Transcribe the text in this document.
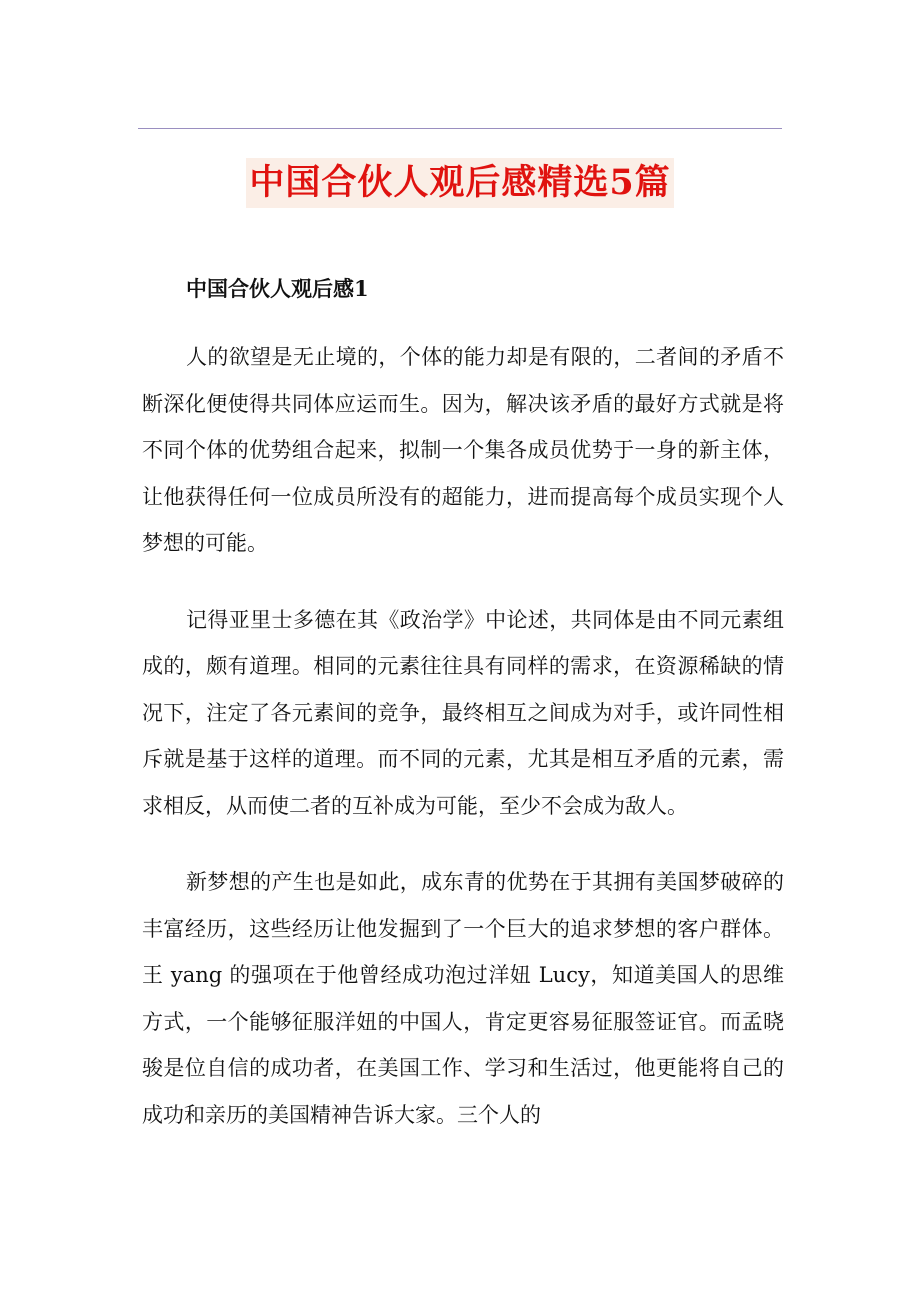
中国合伙人观后感精选5篇
中国合伙人观后感1

人的欲望是无止境的，个体的能力却是有限的，二者间的矛盾不断深化便使得共同体应运而生。因为，解决该矛盾的最好方式就是将不同个体的优势组合起来，拟制一个集各成员优势于一身的新主体，让他获得任何一位成员所没有的超能力，进而提高每个成员实现个人梦想的可能。

记得亚里士多德在其《政治学》中论述，共同体是由不同元素组成的，颇有道理。相同的元素往往具有同样的需求，在资源稀缺的情况下，注定了各元素间的竞争，最终相互之间成为对手，或许同性相斥就是基于这样的道理。而不同的元素，尤其是相互矛盾的元素，需求相反，从而使二者的互补成为可能，至少不会成为敌人。

新梦想的产生也是如此，成东青的优势在于其拥有美国梦破碎的丰富经历，这些经历让他发掘到了一个巨大的追求梦想的客户群体。王 yang 的强项在于他曾经成功泡过洋妞 Lucy，知道美国人的思维方式，一个能够征服洋妞的中国人，肯定更容易征服签证官。而孟晓骏是位自信的成功者，在美国工作、学习和生活过，他更能将自己的成功和亲历的美国精神告诉大家。三个人的
